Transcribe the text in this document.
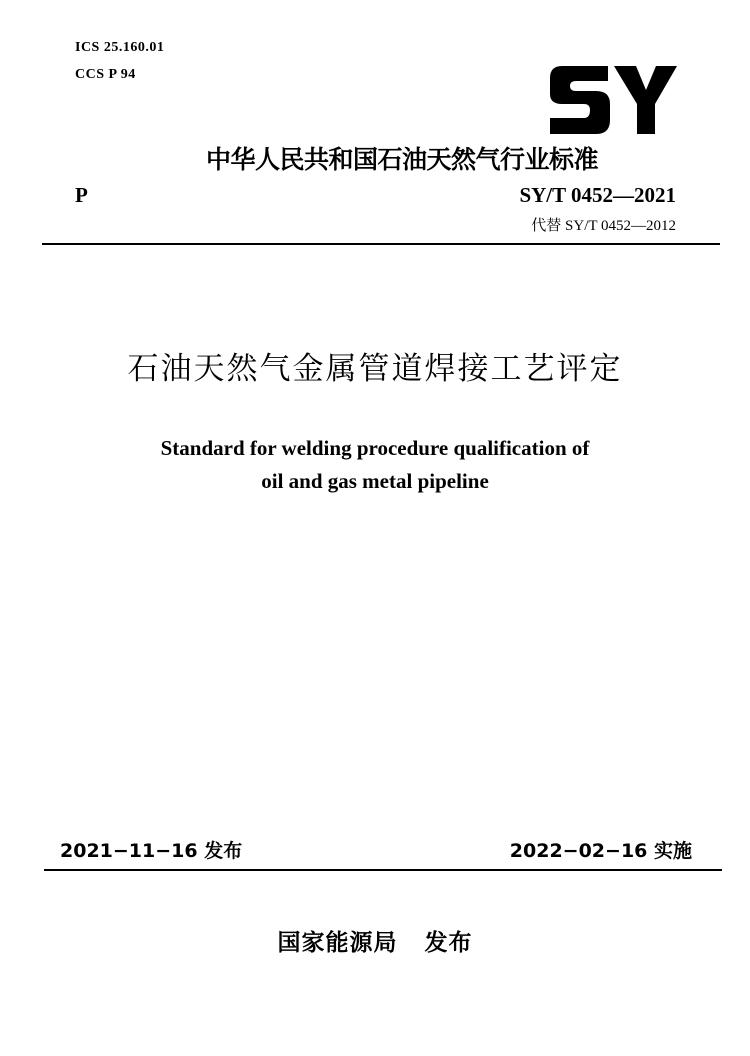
ICS 25.160.01
CCS P 94
中华人民共和国石油天然气行业标准
P	SY/T 0452—2021
代替 SY/T 0452—2012
石油天然气金属管道焊接工艺评定
Standard for welding procedure qualification of
oil and gas metal pipeline
2021−11−16 发布	2022−02−16 实施
国家能源局   发布
